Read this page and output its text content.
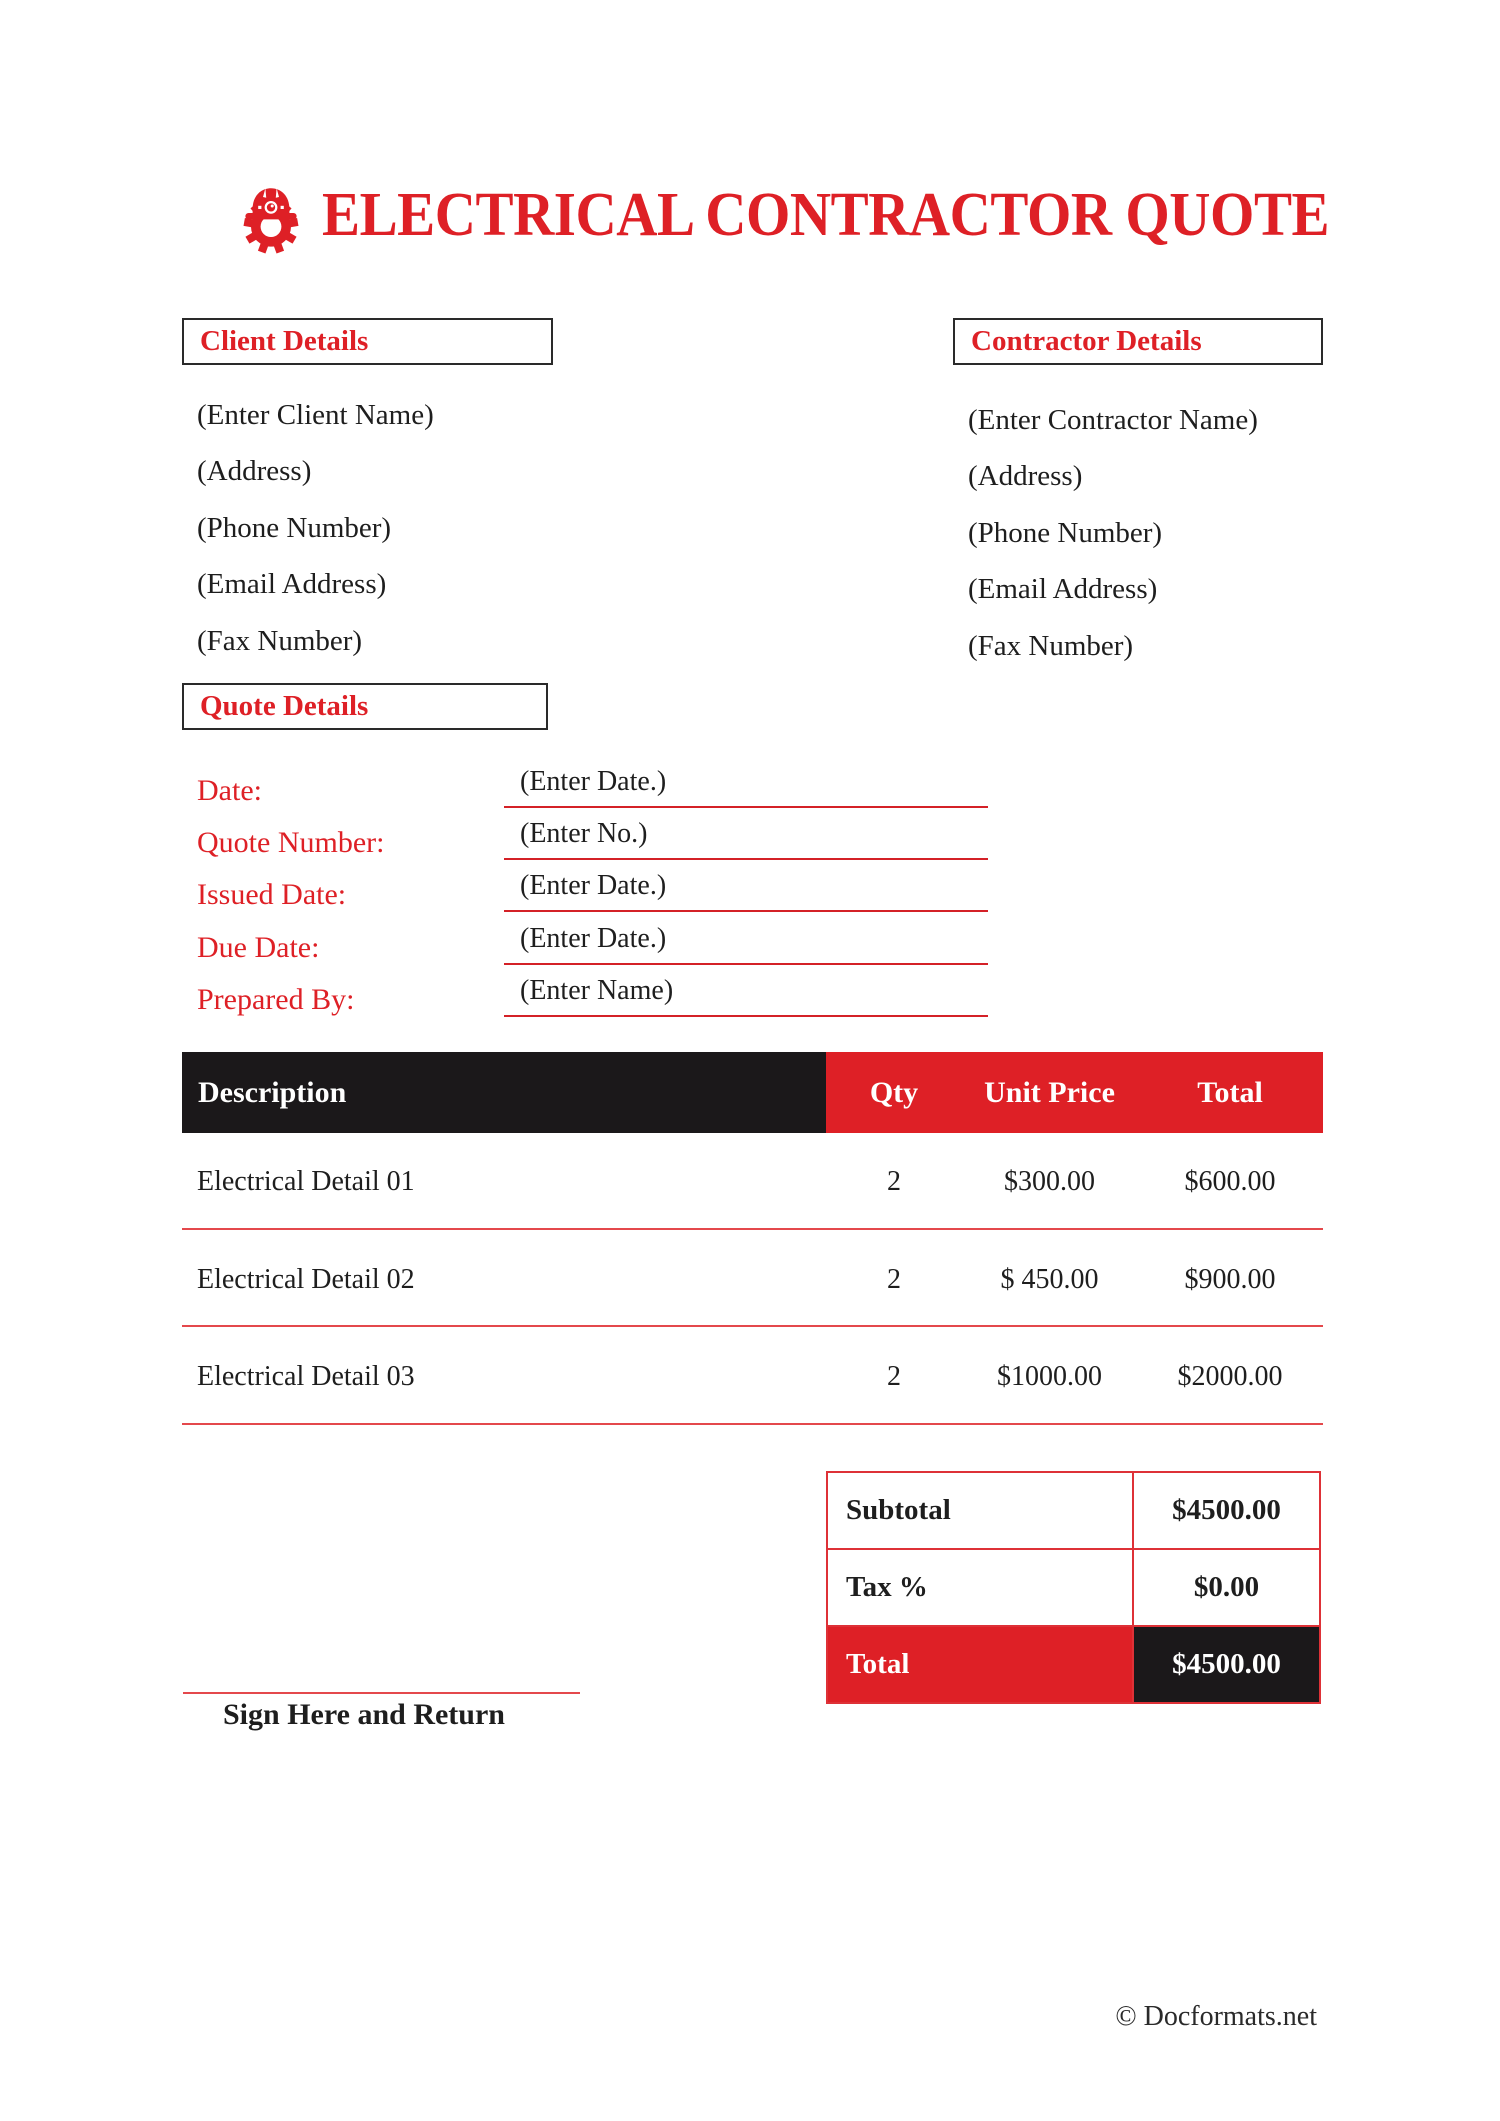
ELECTRICAL CONTRACTOR QUOTE
Client Details
(Enter Client Name)
(Address)
(Phone Number)
(Email Address)
(Fax Number)
Contractor Details
(Enter Contractor Name)
(Address)
(Phone Number)
(Email Address)
(Fax Number)
Quote Details
Date:	(Enter Date.)
Quote Number:	(Enter No.)
Issued Date:	(Enter Date.)
Due Date:	(Enter Date.)
Prepared By:	(Enter Name)
Description	Qty	Unit Price	Total
Electrical Detail 01	2	$300.00	$600.00
Electrical Detail 02	2	$ 450.00	$900.00
Electrical Detail 03	2	$1000.00	$2000.00
Subtotal	$4500.00
Tax %	$0.00
Total	$4500.00
Sign Here and Return
© Docformats.net
